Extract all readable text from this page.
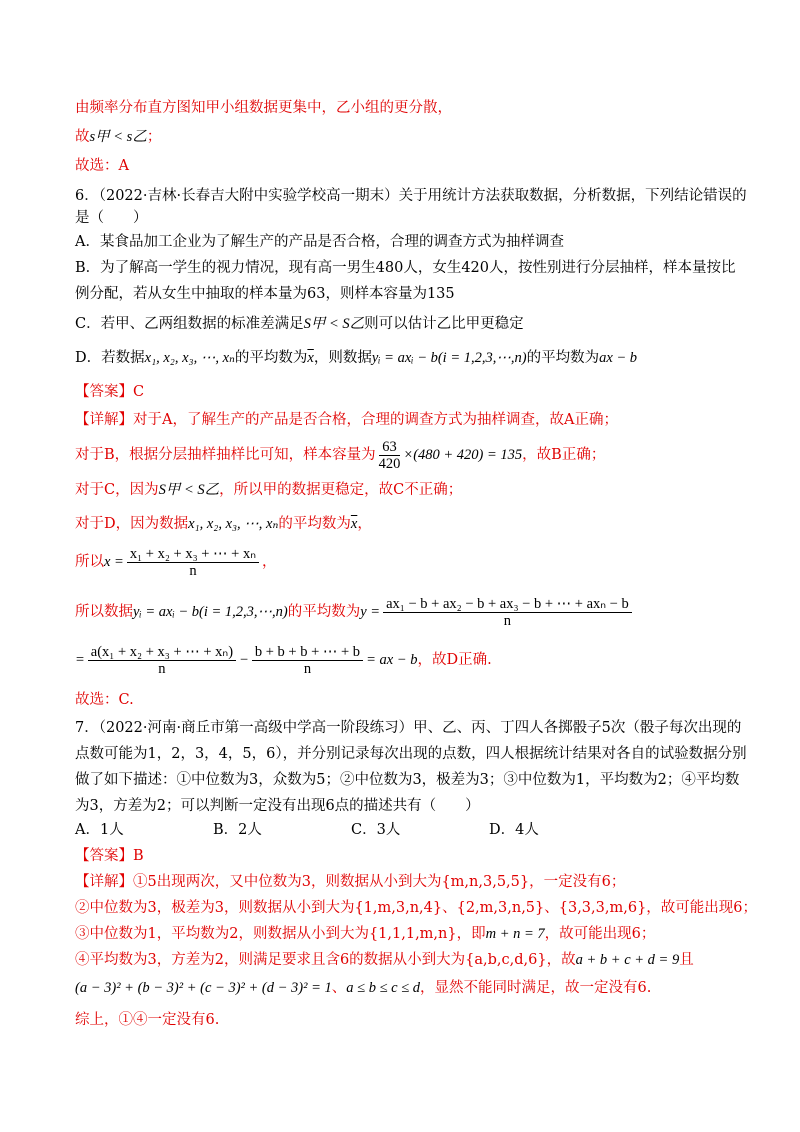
由频率分布直方图知甲小组数据更集中，乙小组的更分散，
故s甲 < s乙；
故选：A
6．（2022·吉林·长春吉大附中实验学校高一期末）关于用统计方法获取数据，分析数据，下列结论错误的
是（　　）
A．某食品加工企业为了解生产的产品是否合格，合理的调查方式为抽样调查
B．为了解高一学生的视力情况，现有高一男生480人，女生420人，按性别进行分层抽样，样本量按比
例分配，若从女生中抽取的样本量为63，则样本容量为135
C．若甲、乙两组数据的标准差满足S甲 < S乙则可以估计乙比甲更稳定
D．若数据x₁, x₂, x₃, ⋯, xₙ的平均数为$\overline{x}$，则数据yᵢ = axᵢ − b(i = 1,2,3,⋯,n)的平均数为ax − b
【答案】C
【详解】对于A，了解生产的产品是否合格，合理的调查方式为抽样调查，故A正确；
对于B，根据分层抽样抽样比可知，样本容量为 $\frac{63}{420} \times(480 + 420) = 135$，故B正确；
对于C，因为S甲 < S乙，所以甲的数据更稳定，故C不正确；
对于D，因为数据x₁, x₂, x₃, ⋯, xₙ的平均数为$\overline{x}$，
所以$x = \frac{\text{x₁ + x₂ + x₃ + ⋯ + xₙ}}{n}$ ，
所以数据yᵢ = axᵢ − b(i = 1,2,3,⋯,n)的平均数为$y = \frac{\text{ax₁ − b + ax₂ − b + ax₃ − b + ⋯ + axₙ − b}}{n}$
= $\frac{\text{a(x₁ + x₂ + x₃ + ⋯ + xₙ)}}{n} - \frac{b + b + b + \cdots + b}{n}$ = ax − b，故D正确.
故选：C.
7．（2022·河南·商丘市第一高级中学高一阶段练习）甲、乙、丙、丁四人各掷骰子5次（骰子每次出现的
点数可能为1，2，3，4，5，6），并分别记录每次出现的点数，四人根据统计结果对各自的试验数据分别
做了如下描述：①中位数为3，众数为5；②中位数为3，极差为3；③中位数为1，平均数为2；④平均数
为3，方差为2；可以判断一定没有出现6点的描述共有（　　）
A．1人	B．2人	C．3人	D．4人
【答案】B
【详解】①5出现两次，又中位数为3，则数据从小到大为{m,n,3,5,5}，一定没有6；
②中位数为3，极差为3，则数据从小到大为{1,m,3,n,4}、{2,m,3,n,5}、{3,3,3,m,6}，故可能出现6；
③中位数为1，平均数为2，则数据从小到大为{1,1,1,m,n}，即m + n = 7，故可能出现6；
④平均数为3，方差为2，则满足要求且含6的数据从小到大为{a,b,c,d,6}，故a + b + c + d = 9且
(a − 3)² + (b − 3)² + (c − 3)² + (d − 3)² = 1、a ≤ b ≤ c ≤ d，显然不能同时满足，故一定没有6.
综上，①④一定没有6.
